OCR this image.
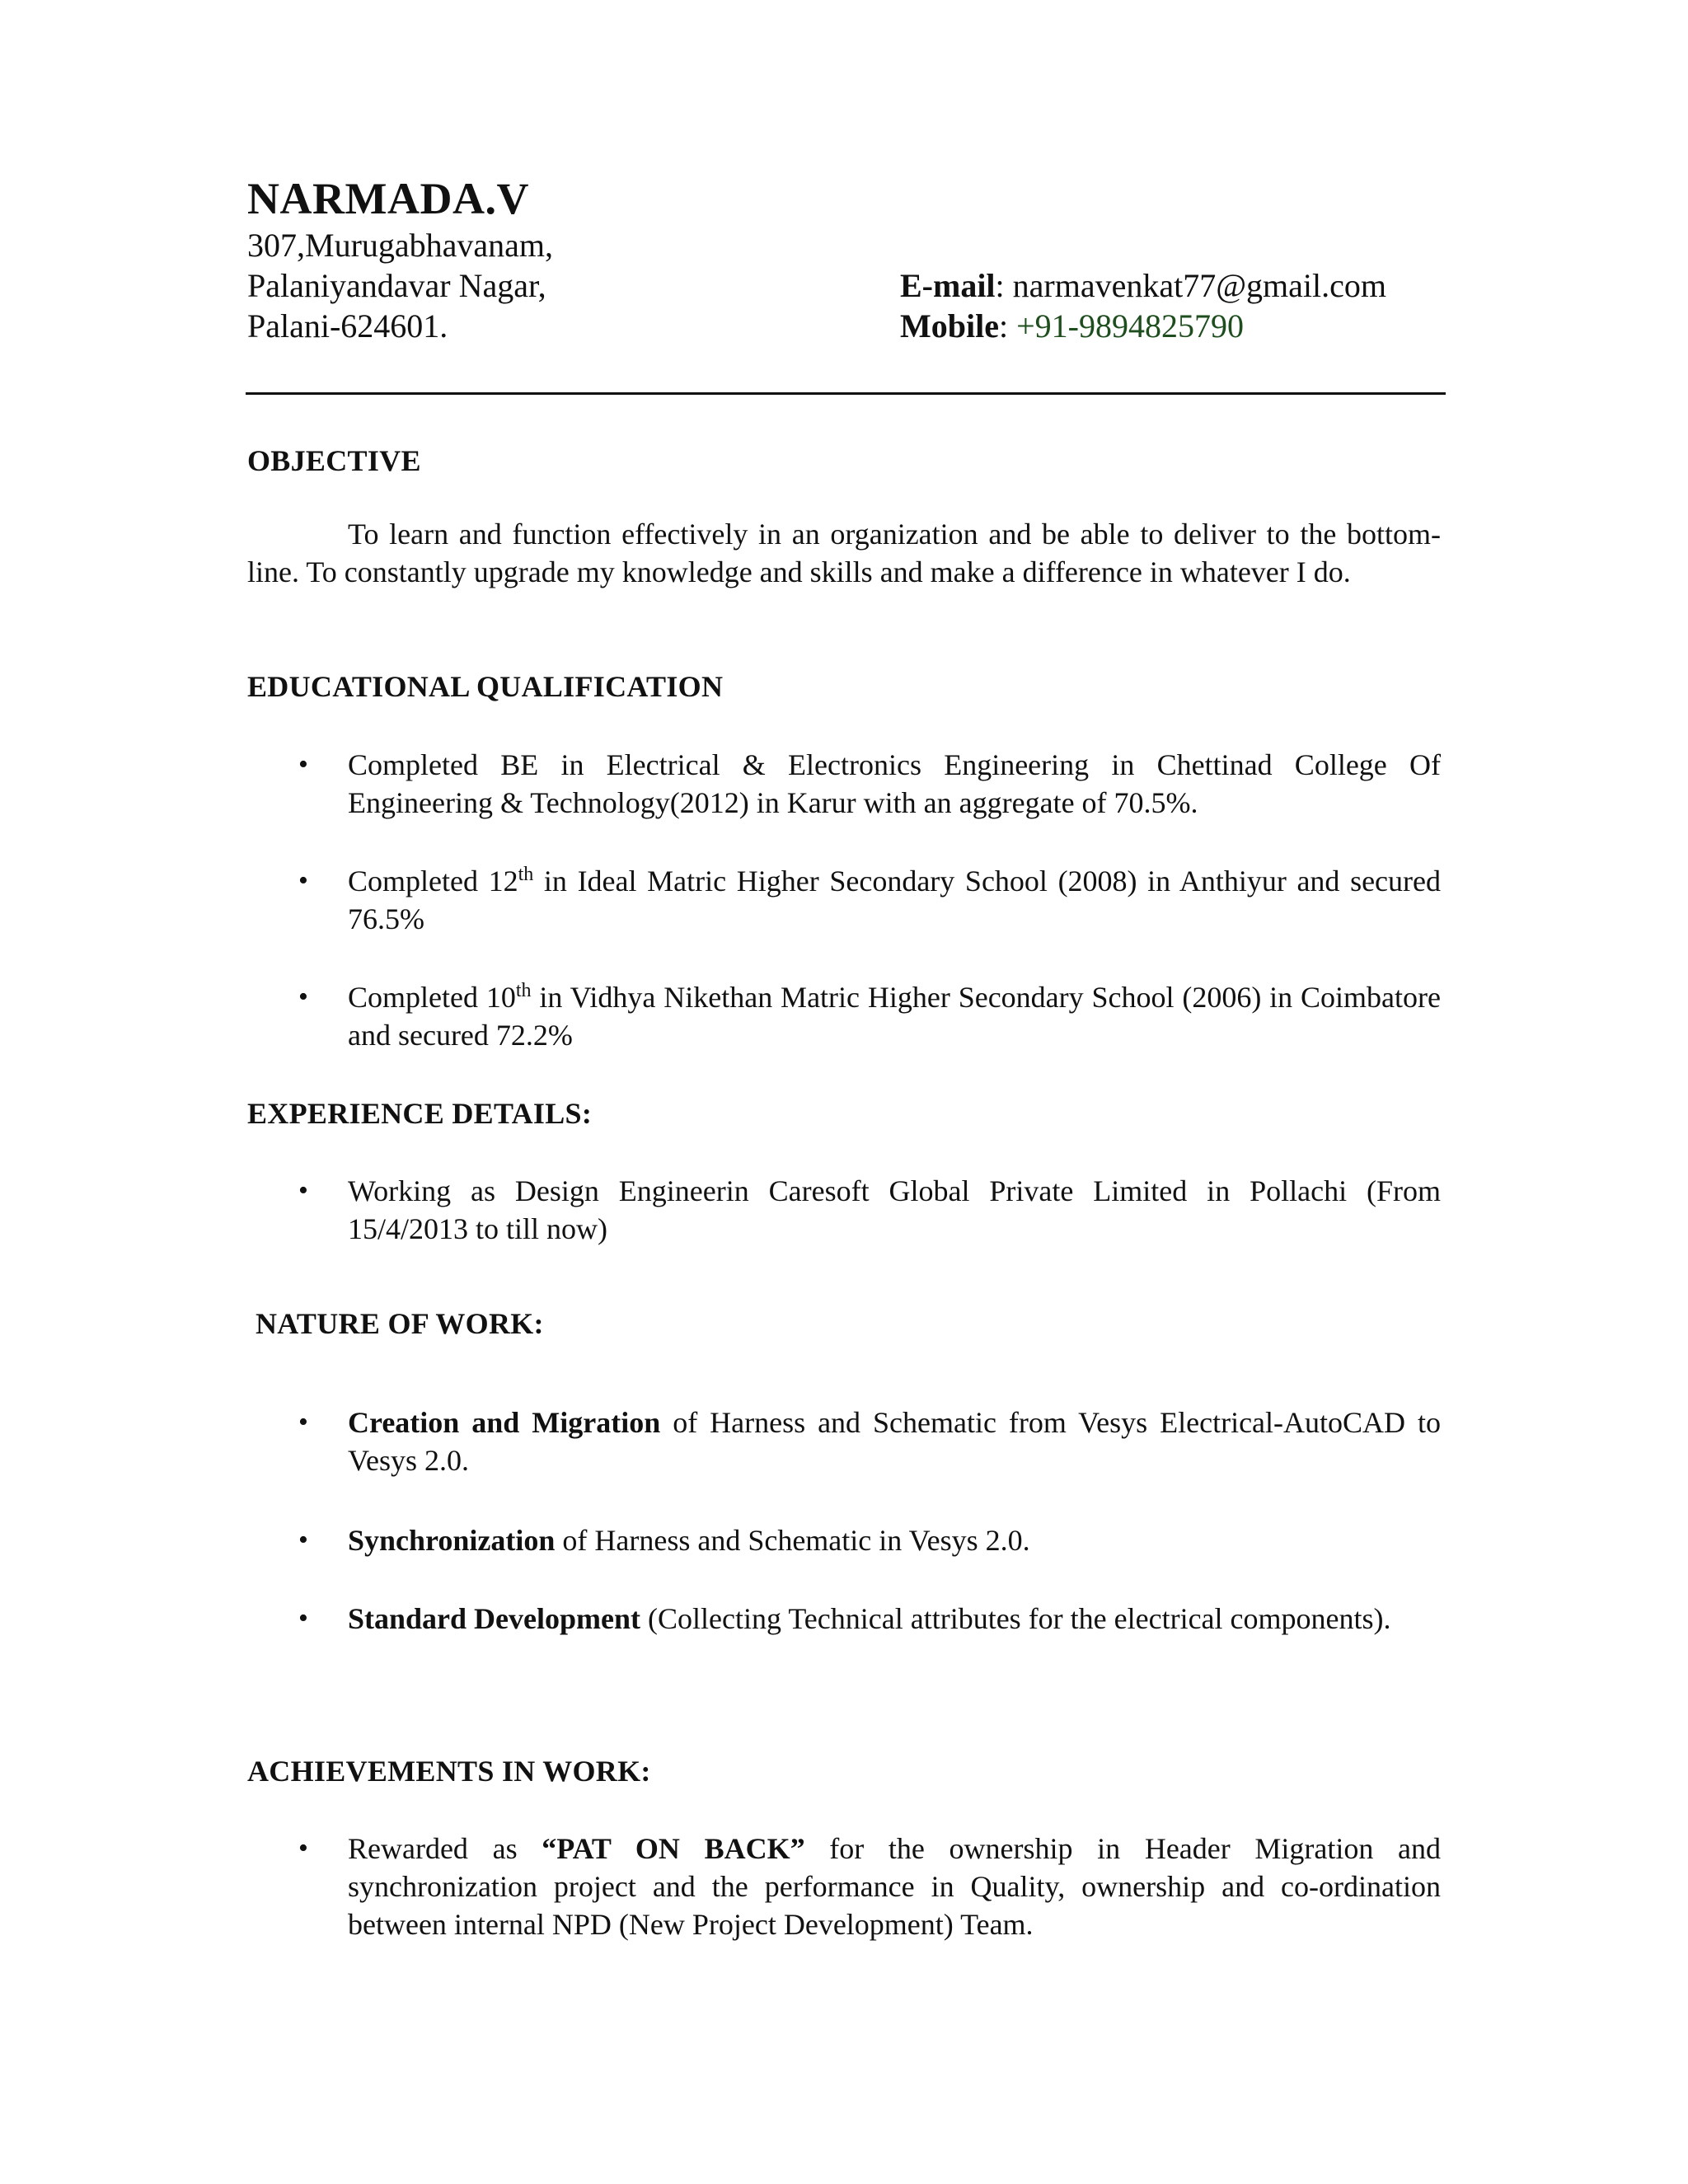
NARMADA.V
307,Murugabhavanam,
Palaniyandavar Nagar,
Palani-624601.
E-mail: narmavenkat77@gmail.com
Mobile: +91-9894825790
OBJECTIVE
To learn and function effectively in an organization and be able to deliver to the bottom-line. To constantly upgrade my knowledge and skills and make a difference in whatever I do.
EDUCATIONAL QUALIFICATION
• Completed BE in Electrical & Electronics Engineering in Chettinad College Of Engineering & Technology(2012) in Karur with an aggregate of 70.5%.
• Completed 12th in Ideal Matric Higher Secondary School (2008) in Anthiyur and secured 76.5%
• Completed 10th in Vidhya Nikethan Matric Higher Secondary School (2006) in Coimbatore and secured 72.2%
EXPERIENCE DETAILS:
• Working as Design Engineerin Caresoft Global Private Limited in Pollachi (From 15/4/2013 to till now)
NATURE OF WORK:
• Creation and Migration of Harness and Schematic from Vesys Electrical-AutoCAD to Vesys 2.0.
• Synchronization of Harness and Schematic in Vesys 2.0.
• Standard Development (Collecting Technical attributes for the electrical components).
ACHIEVEMENTS IN WORK:
• Rewarded as “PAT ON BACK” for the ownership in Header Migration and synchronization project and the performance in Quality, ownership and co-ordination between internal NPD (New Project Development) Team.
